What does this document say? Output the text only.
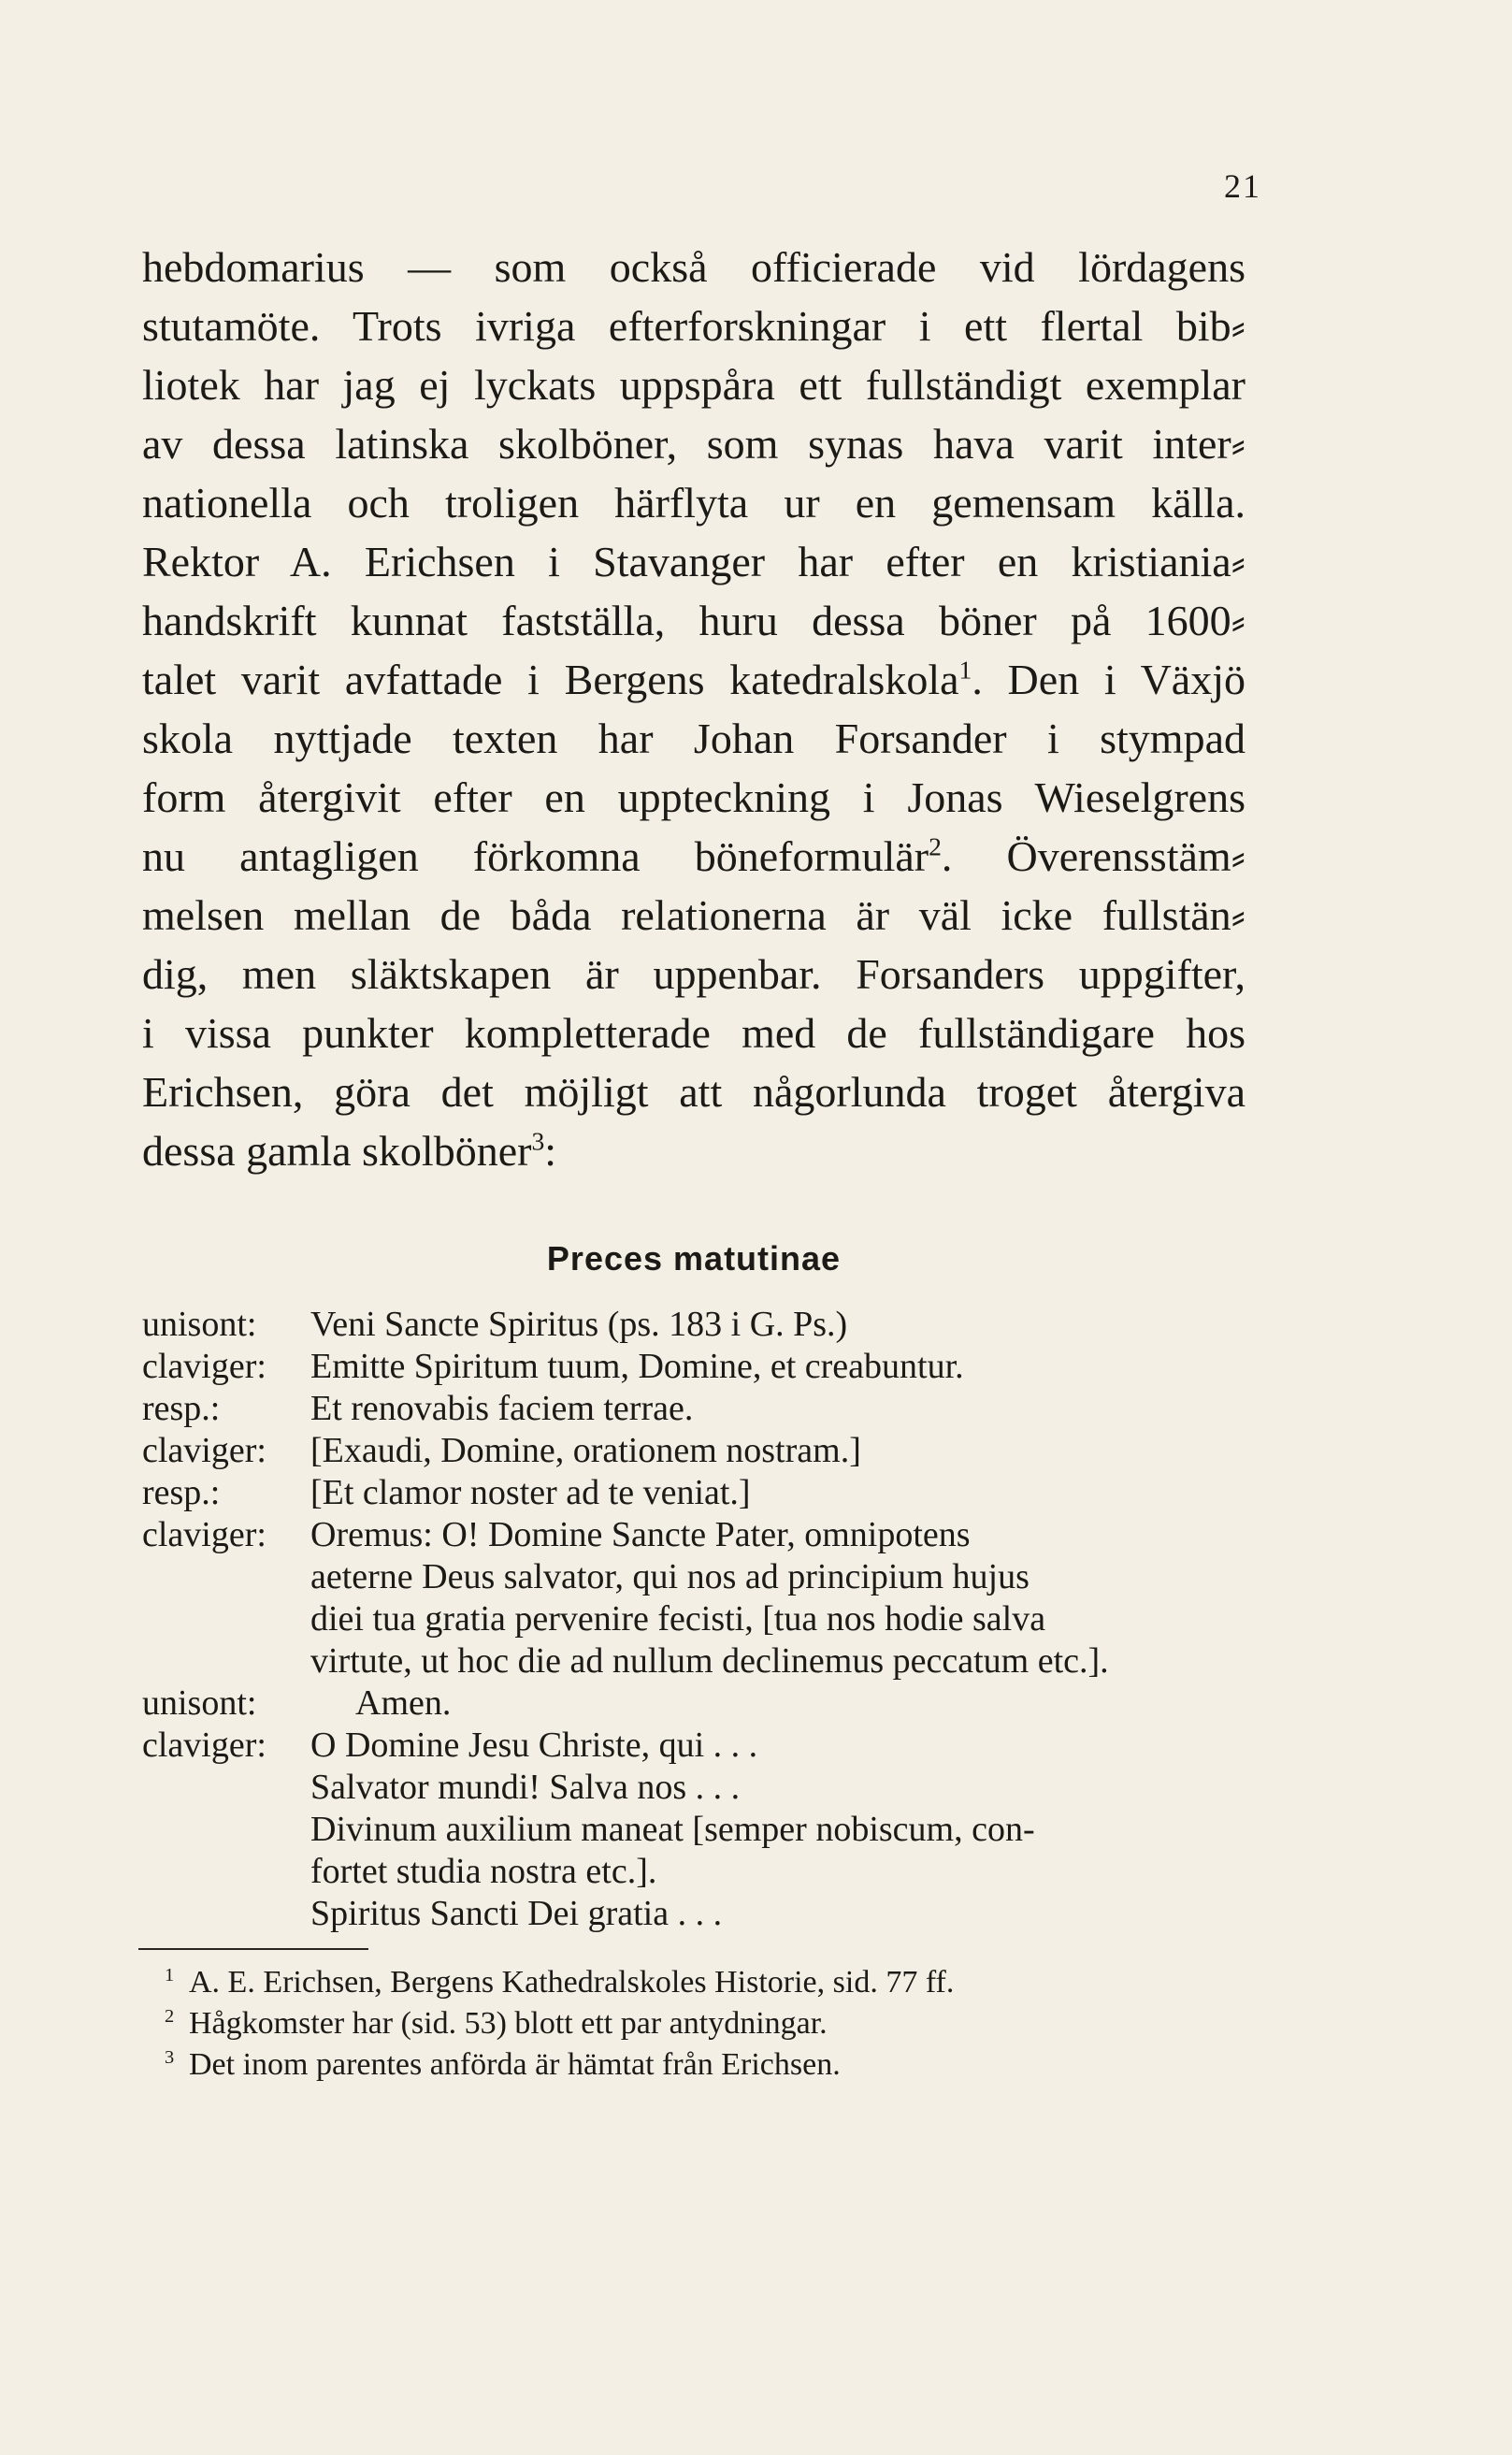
21
hebdomarius — som också officierade vid lördagens
stutamöte. Trots ivriga efterforskningar i ett flertal bib⸗
liotek har jag ej lyckats uppspåra ett fullständigt exemplar
av dessa latinska skolböner, som synas hava varit inter⸗
nationella och troligen härflyta ur en gemensam källa.
Rektor A. Erichsen i Stavanger har efter en kristiania⸗
handskrift kunnat fastställa, huru dessa böner på 1600⸗
talet varit avfattade i Bergens katedralskola$^1$. Den i Växjö
skola nyttjade texten har Johan Forsander i stympad
form återgivit efter en uppteckning i Jonas Wieselgrens
nu antagligen förkomna böneformulär$^2$. Överensstäm⸗
melsen mellan de båda relationerna är väl icke fullstän⸗
dig, men släktskapen är uppenbar. Forsanders uppgifter,
i vissa punkter kompletterade med de fullständigare hos
Erichsen, göra det möjligt att någorlunda troget återgiva
dessa gamla skolböner$^3$:
Preces matutinae
unisont:	Veni Sancte Spiritus (ps. 183 i G. Ps.)
claviger:	Emitte Spiritum tuum, Domine, et creabuntur.
resp.:	Et renovabis faciem terrae.
claviger:	[Exaudi, Domine, orationem nostram.]
resp.:	[Et clamor noster ad te veniat.]
claviger:	Oremus: O! Domine Sancte Pater, omnipotens
aeterne Deus salvator, qui nos ad principium hujus
diei tua gratia pervenire fecisti, [tua nos hodie salva
virtute, ut hoc die ad nullum declinemus peccatum etc.].
unisont:	Amen.
claviger:	O Domine Jesu Christe, qui . . .
Salvator mundi! Salva nos . . .
Divinum auxilium maneat [semper nobiscum, con-
fortet studia nostra etc.].
Spiritus Sancti Dei gratia . . .
$^1$ A. E. Erichsen, Bergens Kathedralskoles Historie, sid. 77 ff.
$^2$ Hågkomster har (sid. 53) blott ett par antydningar.
$^3$ Det inom parentes anförda är hämtat från Erichsen.
